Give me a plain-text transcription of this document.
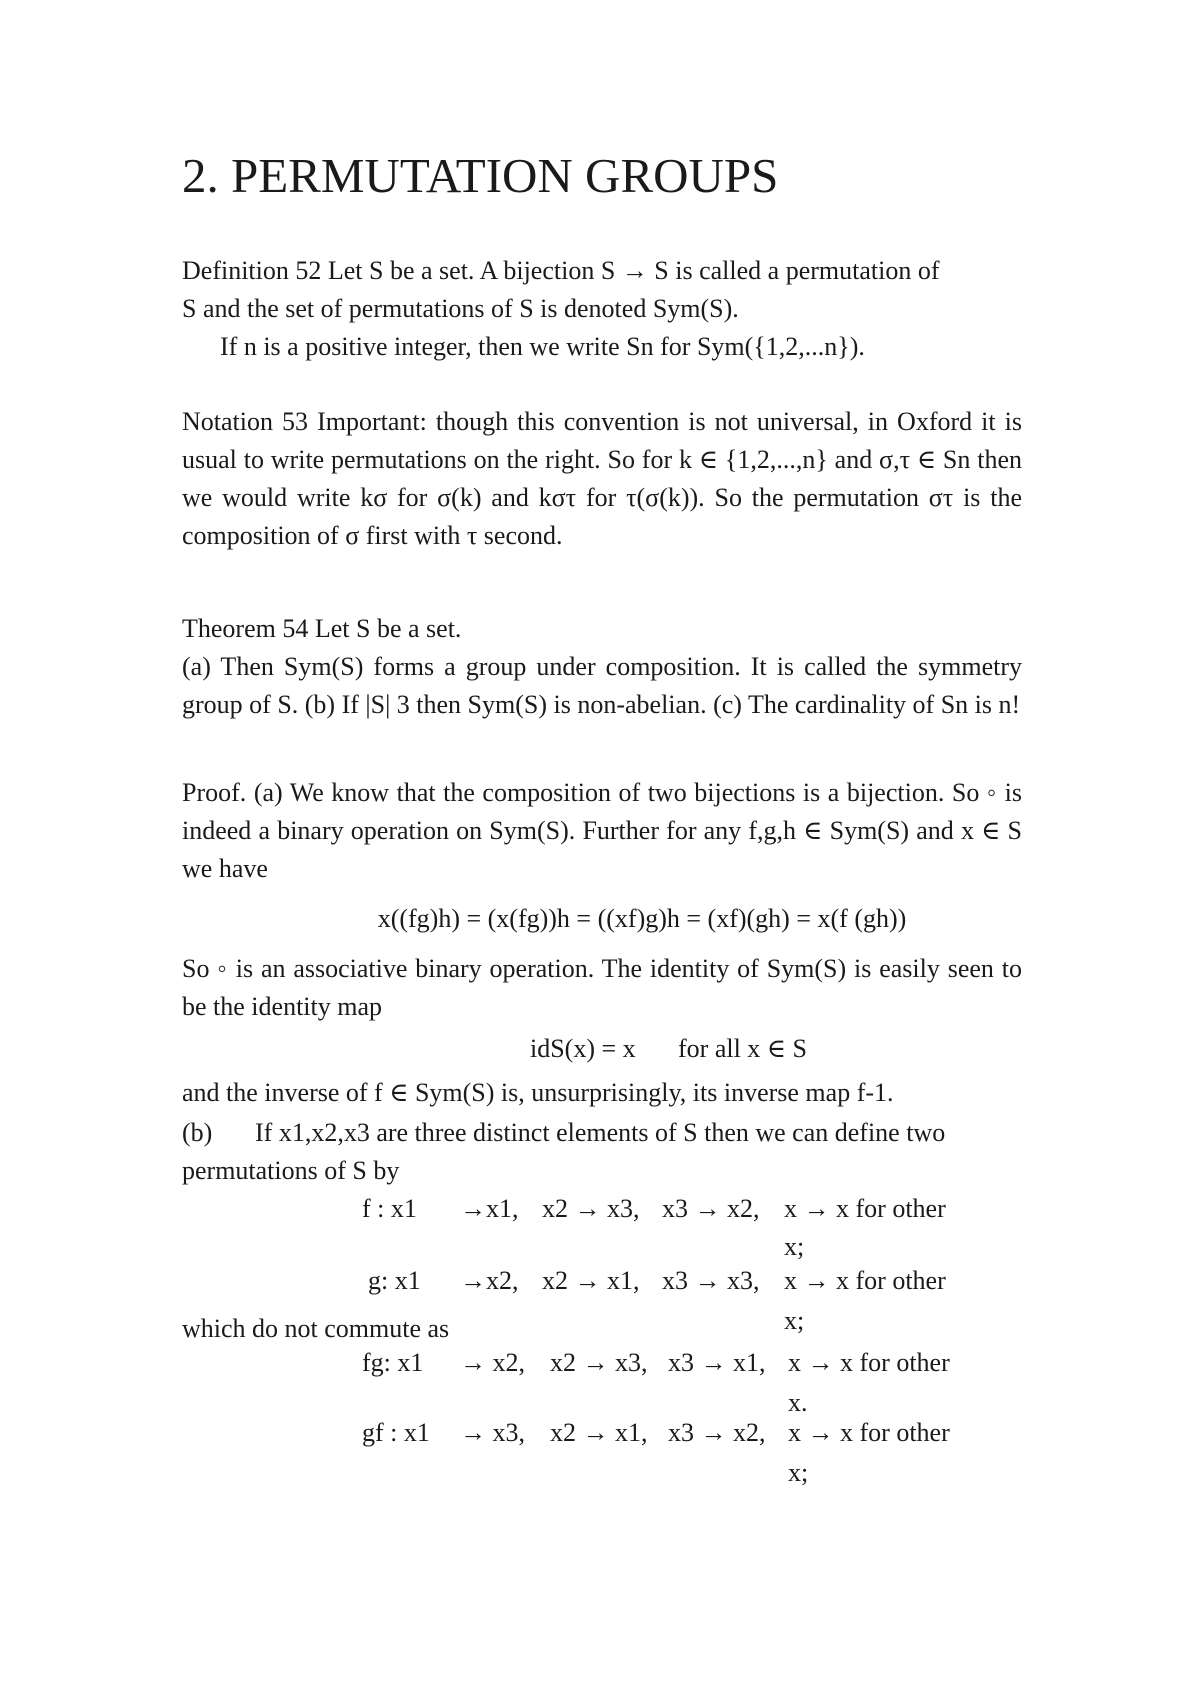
2. PERMUTATION GROUPS
Definition 52 Let S be a set. A bijection S → S is called a permutation of
S and the set of permutations of S is denoted Sym(S).
If n is a positive integer, then we write Sn for Sym({1,2,...n}).
Notation 53 Important: though this convention is not universal, in Oxford it is usual to write permutations on the right. So for k ∈ {1,2,...,n} and σ,τ ∈ Sn then we would write kσ for σ(k) and kστ for τ(σ(k)). So the permutation στ is the composition of σ first with τ second.
Theorem 54 Let S be a set.
(a) Then Sym(S) forms a group under composition. It is called the symmetry group of S. (b) If |S| 3 then Sym(S) is non-abelian. (c) The cardinality of Sn is n!
Proof. (a) We know that the composition of two bijections is a bijection. So ◦ is indeed a binary operation on Sym(S). Further for any f,g,h ∈ Sym(S) and x ∈ S we have
x((fg)h) = (x(fg))h = ((xf)g)h = (xf)(gh) = x(f (gh))
So ◦ is an associative binary operation. The identity of Sym(S) is easily seen to be the identity map
idS(x) = x for all x ∈ S
and the inverse of f ∈ Sym(S) is, unsurprisingly, its inverse map f-1.
(b) If x1,x2,x3 are three distinct elements of S then we can define two
permutations of S by
f : x1 →x1, x2 → x3, x3 → x2, x → x for other
x;
g: x1 →x2, x2 → x1, x3 → x3, x → x for other
x;
which do not commute as
fg: x1 → x2, x2 → x3, x3 → x1, x → x for other
x.
gf : x1 → x3, x2 → x1, x3 → x2, x → x for other
x;
